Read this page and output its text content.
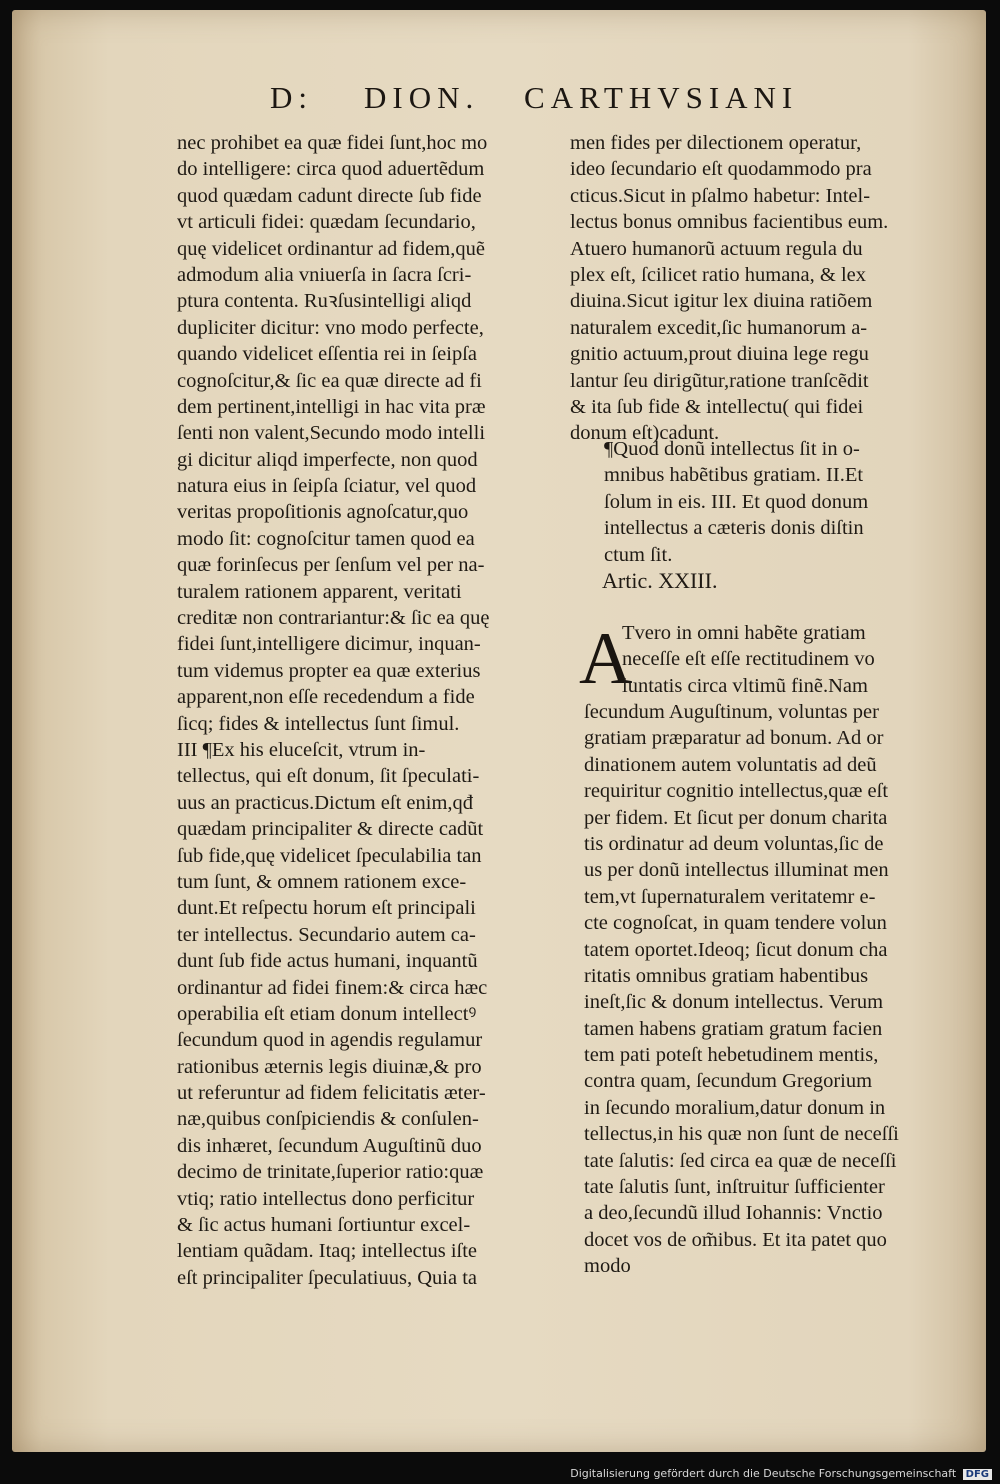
D: DION. CARTHVSIANI
nec prohibet ea quæ fidei ſunt,hoc mo
do intelligere: circa quod aduertẽdum
quod quædam cadunt directe ſub fide
vt articuli fidei: quædam ſecundario,
quę videlicet ordinantur ad fidem,quẽ
admodum alia vniuerſa in ſacra ſcri-
ptura contenta. Ruꝛſusintelligi aliqd
dupliciter dicitur: vno modo perfecte,
quando videlicet eſſentia rei in ſeipſa
cognoſcitur,& ſic ea quæ directe ad fi
dem pertinent,intelligi in hac vita præ
ſenti non valent,Secundo modo intelli
gi dicitur aliqd imperfecte, non quod
natura eius in ſeipſa ſciatur, vel quod
veritas propoſitionis agnoſcatur,quo
modo ſit: cognoſcitur tamen quod ea
quæ forinſecus per ſenſum vel per na-
turalem rationem apparent, veritati
creditæ non contrariantur:& ſic ea quę
fidei ſunt,intelligere dicimur, inquan-
tum videmus propter ea quæ exterius
apparent,non eſſe recedendum a fide
ſicq; fides & intellectus ſunt ſimul.
III ¶Ex his eluceſcit, vtrum in-
tellectus, qui eſt donum, ſit ſpeculati-
uus an practicus.Dictum eſt enim,qđ
quædam principaliter & directe cadũt
ſub fide,quę videlicet ſpeculabilia tan
tum ſunt, & omnem rationem exce-
dunt.Et reſpectu horum eſt principali
ter intellectus. Secundario autem ca-
dunt ſub fide actus humani, inquantũ
ordinantur ad fidei finem:& circa hæc
operabilia eſt etiam donum intellectꝰ
ſecundum quod in agendis regulamur
rationibus æternis legis diuinæ,& pro
ut referuntur ad fidem felicitatis æter-
næ,quibus conſpiciendis & conſulen-
dis inhæret, ſecundum Auguſtinũ duo
decimo de trinitate,ſuperior ratio:quæ
vtiq; ratio intellectus dono perficitur
& ſic actus humani ſortiuntur excel-
lentiam quãdam. Itaq; intellectus iſte
eſt principaliter ſpeculatiuus, Quia ta
men fides per dilectionem operatur,
ideo ſecundario eſt quodammodo pra
cticus.Sicut in pſalmo habetur: Intel-
lectus bonus omnibus facientibus eum.
Atuero humanorũ actuum regula du
plex eſt, ſcilicet ratio humana, & lex
diuina.Sicut igitur lex diuina ratiõem
naturalem excedit,ſic humanorum a-
gnitio actuum,prout diuina lege regu
lantur ſeu dirigũtur,ratione tranſcẽdit
& ita ſub fide & intellectu( qui fidei
donum eſt)cadunt.
¶Quod donũ intellectus ſit in o-
mnibus habẽtibus gratiam. II.Et
ſolum in eis. III. Et quod donum
intellectus a cæteris donis diſtin
ctum ſit.
Artic. XXIII.
A
Tvero in omni habẽte gratiam
neceſſe eſt eſſe rectitudinem vo
luntatis circa vltimũ finẽ.Nam
ſecundum Auguſtinum, voluntas per
gratiam præparatur ad bonum. Ad or
dinationem autem voluntatis ad deũ
requiritur cognitio intellectus,quæ eſt
per fidem. Et ſicut per donum charita
tis ordinatur ad deum voluntas,ſic de
us per donũ intellectus illuminat men
tem,vt ſupernaturalem veritatemr e-
cte cognoſcat, in quam tendere volun
tatem oportet.Ideoq; ſicut donum cha
ritatis omnibus gratiam habentibus
ineſt,ſic & donum intellectus. Verum
tamen habens gratiam gratum facien
tem pati poteſt hebetudinem mentis,
contra quam, ſecundum Gregorium
in ſecundo moralium,datur donum in
tellectus,in his quæ non ſunt de neceſſi
tate ſalutis: ſed circa ea quæ de neceſſi
tate ſalutis ſunt, inſtruitur ſufficienter
a deo,ſecundũ illud Iohannis: Vnctio
docet vos de om̃ibus. Et ita patet quo
modo
Digitalisierung gefördert durch die Deutsche Forschungsgemeinschaft DFG
